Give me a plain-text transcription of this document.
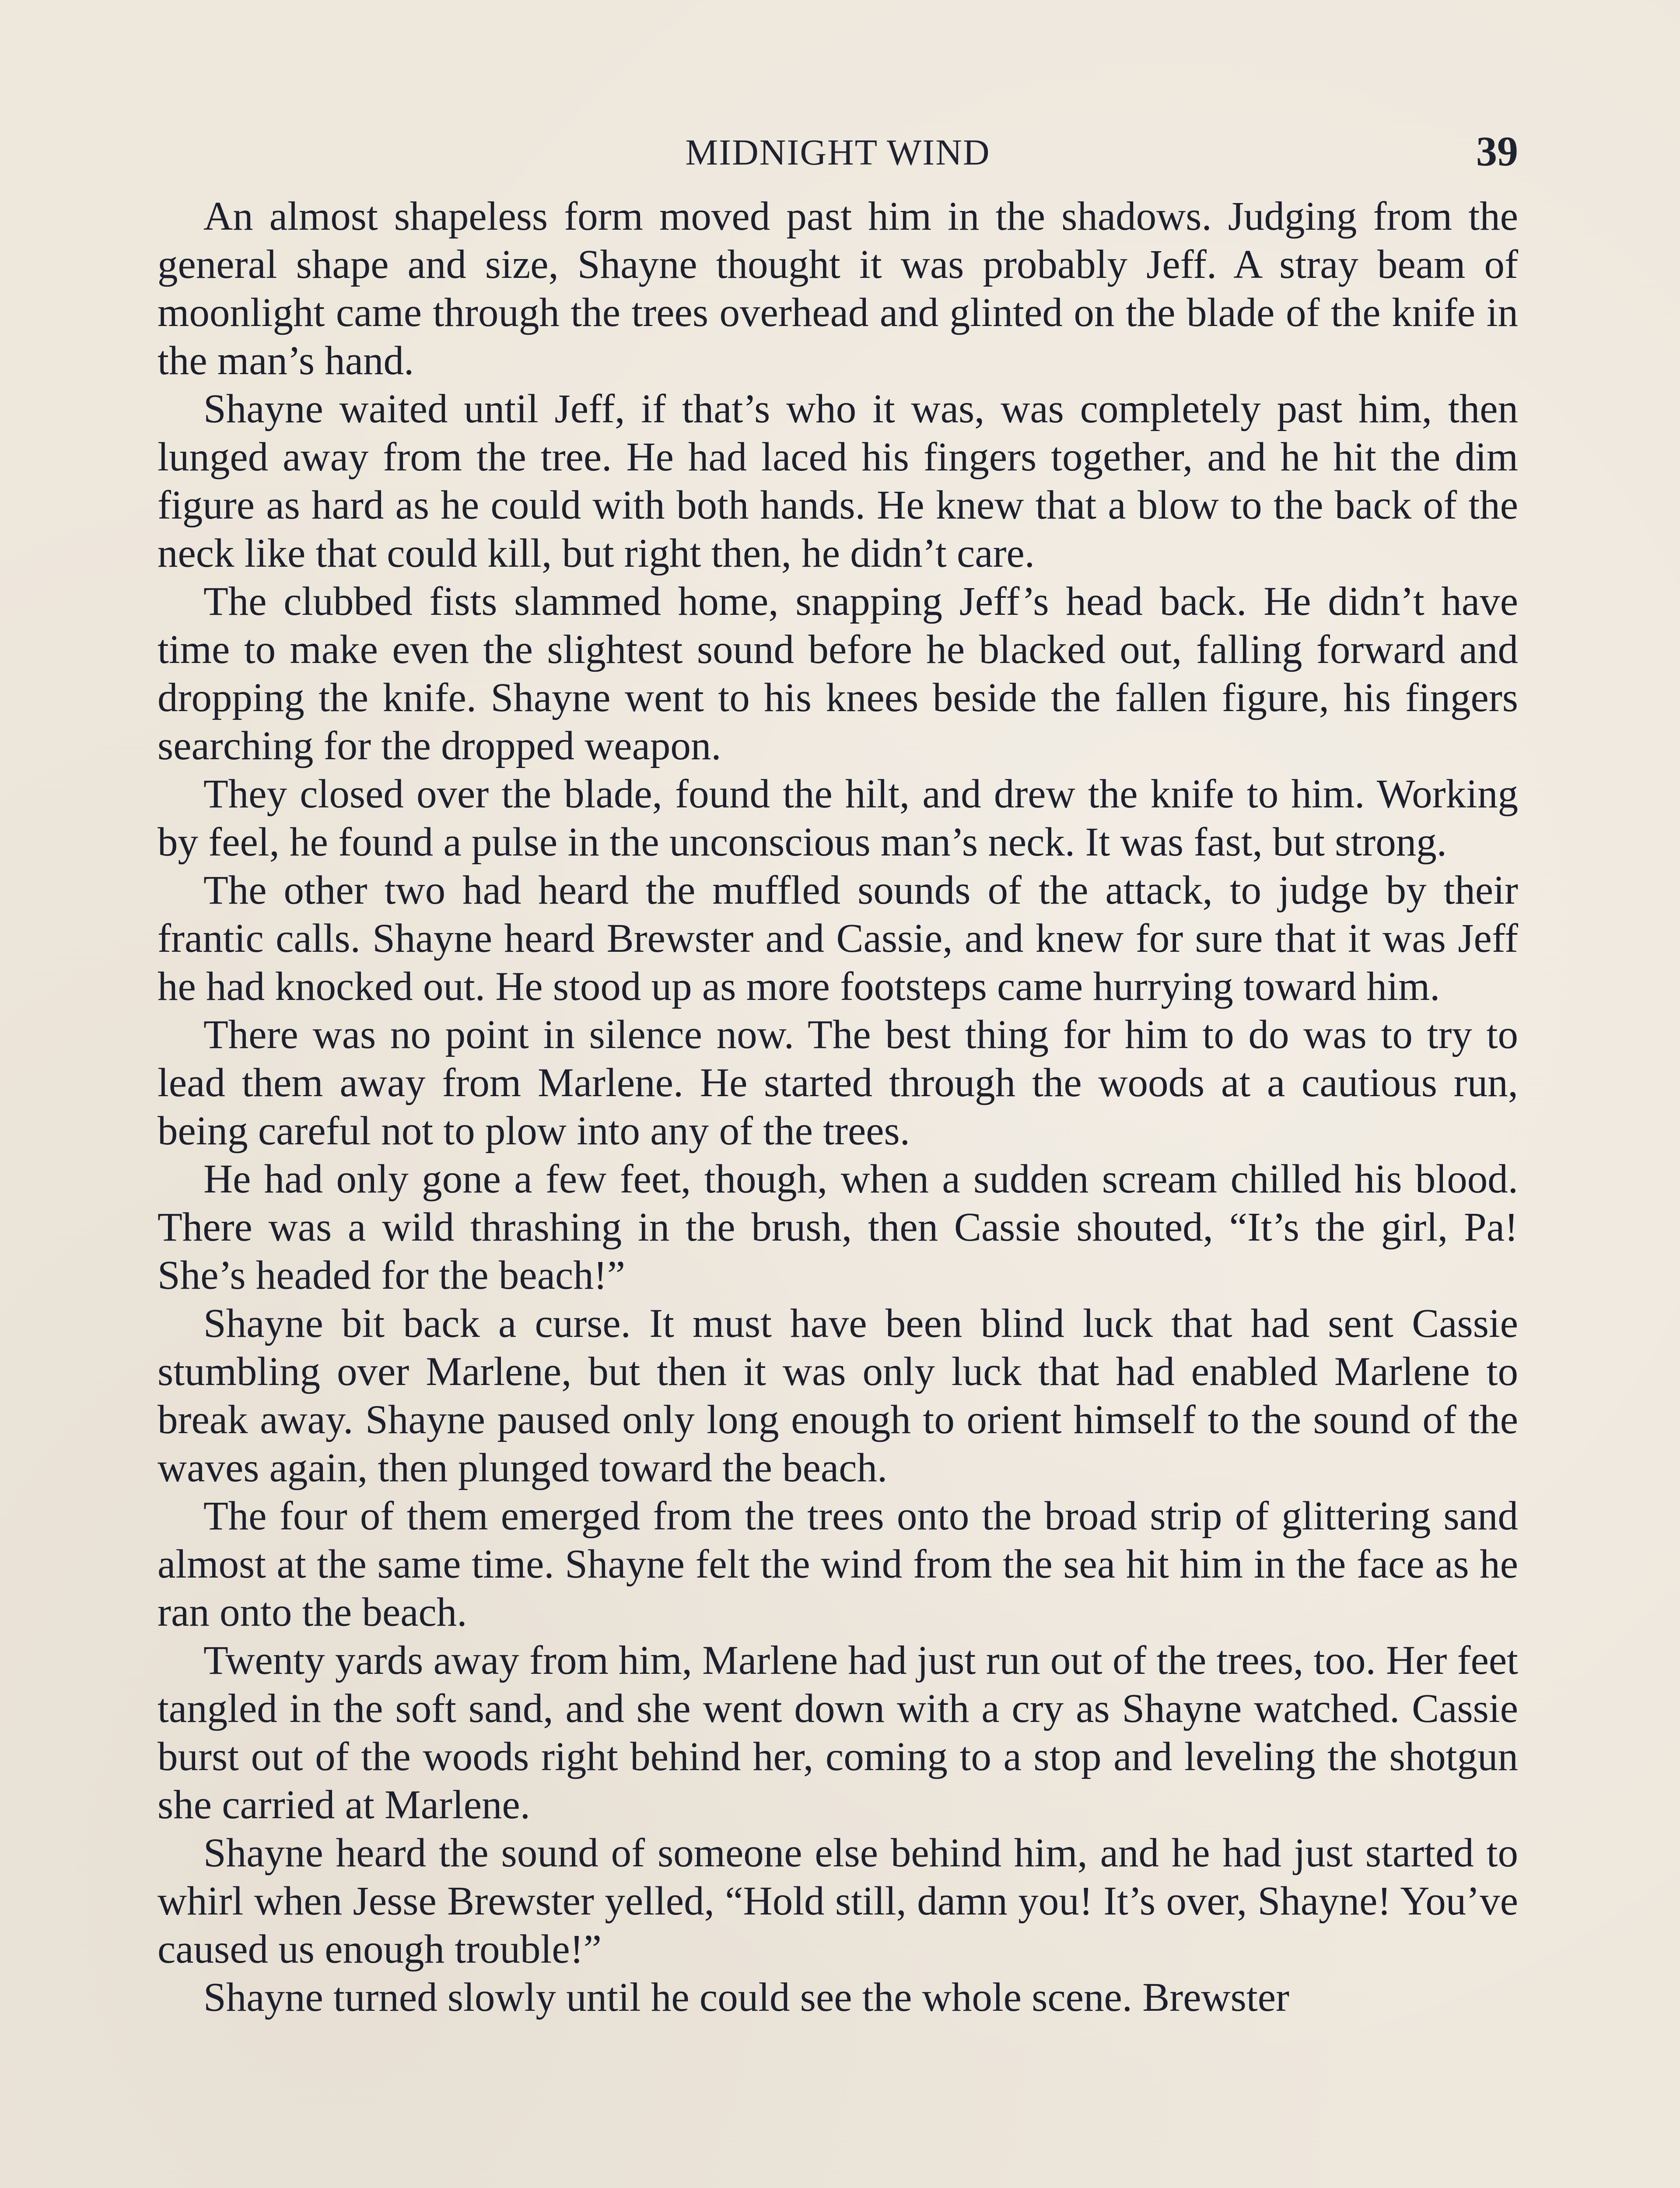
MIDNIGHT WIND	39

An almost shapeless form moved past him in the shadows. Judging from the general shape and size, Shayne thought it was probably Jeff. A stray beam of moonlight came through the trees overhead and glinted on the blade of the knife in the man’s hand.

Shayne waited until Jeff, if that’s who it was, was completely past him, then lunged away from the tree. He had laced his fingers together, and he hit the dim figure as hard as he could with both hands. He knew that a blow to the back of the neck like that could kill, but right then, he didn’t care.

The clubbed fists slammed home, snapping Jeff’s head back. He didn’t have time to make even the slightest sound before he blacked out, falling forward and dropping the knife. Shayne went to his knees beside the fallen figure, his fingers searching for the dropped weapon.

They closed over the blade, found the hilt, and drew the knife to him. Working by feel, he found a pulse in the unconscious man’s neck. It was fast, but strong.

The other two had heard the muffled sounds of the attack, to judge by their frantic calls. Shayne heard Brewster and Cassie, and knew for sure that it was Jeff he had knocked out. He stood up as more footsteps came hurrying toward him.

There was no point in silence now. The best thing for him to do was to try to lead them away from Marlene. He started through the woods at a cautious run, being careful not to plow into any of the trees.

He had only gone a few feet, though, when a sudden scream chilled his blood. There was a wild thrashing in the brush, then Cassie shouted, “It’s the girl, Pa! She’s headed for the beach!”

Shayne bit back a curse. It must have been blind luck that had sent Cassie stumbling over Marlene, but then it was only luck that had enabled Marlene to break away. Shayne paused only long enough to orient himself to the sound of the waves again, then plunged toward the beach.

The four of them emerged from the trees onto the broad strip of glittering sand almost at the same time. Shayne felt the wind from the sea hit him in the face as he ran onto the beach.

Twenty yards away from him, Marlene had just run out of the trees, too. Her feet tangled in the soft sand, and she went down with a cry as Shayne watched. Cassie burst out of the woods right behind her, coming to a stop and leveling the shotgun she carried at Marlene.

Shayne heard the sound of someone else behind him, and he had just started to whirl when Jesse Brewster yelled, “Hold still, damn you! It’s over, Shayne! You’ve caused us enough trouble!”

Shayne turned slowly until he could see the whole scene. Brewster
